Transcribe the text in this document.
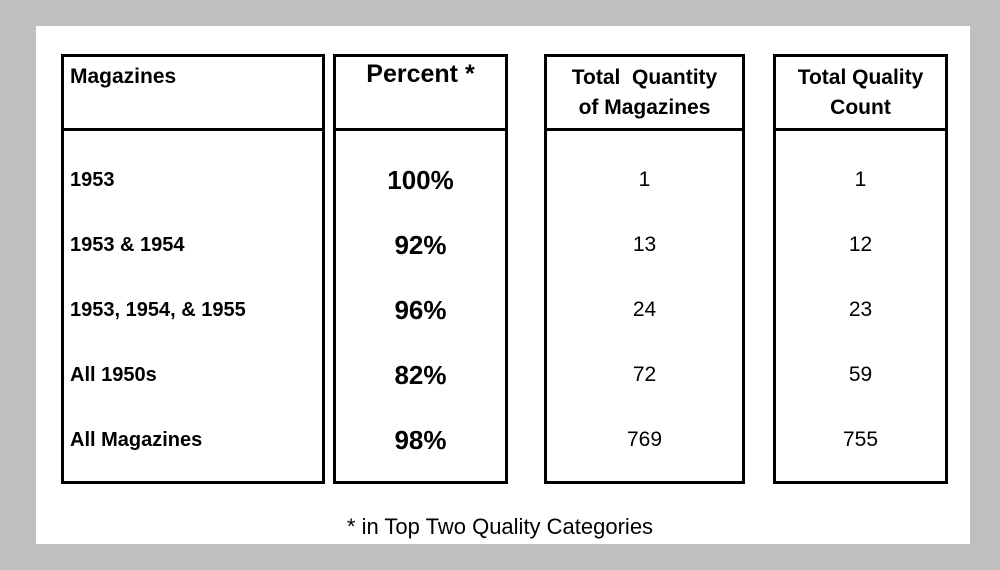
Magazines
1953
1953 & 1954
1953, 1954, & 1955
All 1950s
All Magazines
Percent *
100%
92%
96%
82%
98%
Total  Quantity
of Magazines
1
13
24
72
769
Total Quality
Count
1
12
23
59
755
* in Top Two Quality Categories
